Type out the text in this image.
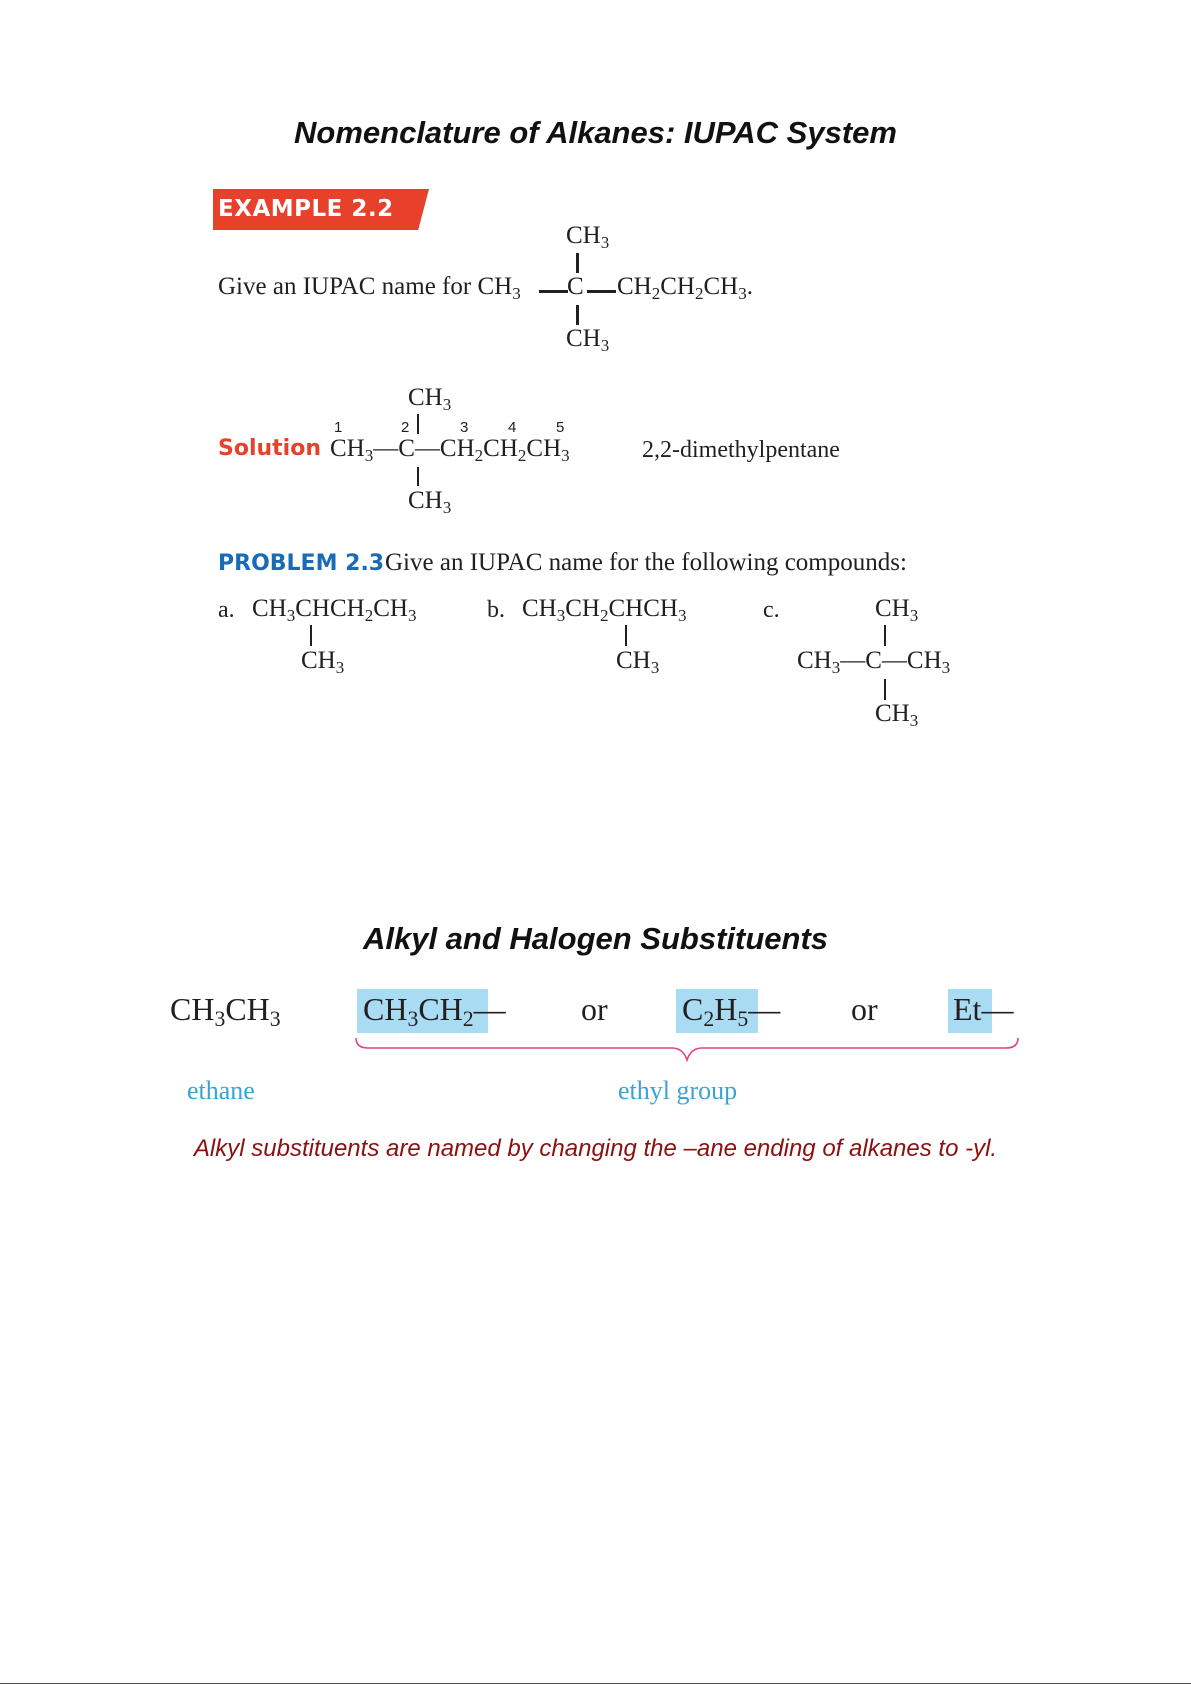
Nomenclature of Alkanes: IUPAC System
EXAMPLE 2.2
Give an IUPAC name for $CH_3$ C $CH_2CH_2CH_3$.
$CH_3$
$CH_3$
Solution
$CH_3$
1	2	3	4	5
$CH_3—C—CH_2CH_2CH_3$
$CH_3$
2,2-dimethylpentane
PROBLEM 2.3 Give an IUPAC name for the following compounds:
a. $CH_3CHCH_2CH_3$
$CH_3$
b. $CH_3CH_2CHCH_3$
$CH_3$
c.	$CH_3$
$CH_3—C—CH_3$
$CH_3$
Alkyl and Halogen Substituents
$CH_3CH_3$	$CH_3CH_2—$ or $C_2H_5—$ or Et—
ethane	ethyl group
Alkyl substituents are named by changing the –ane ending of alkanes to -yl.
